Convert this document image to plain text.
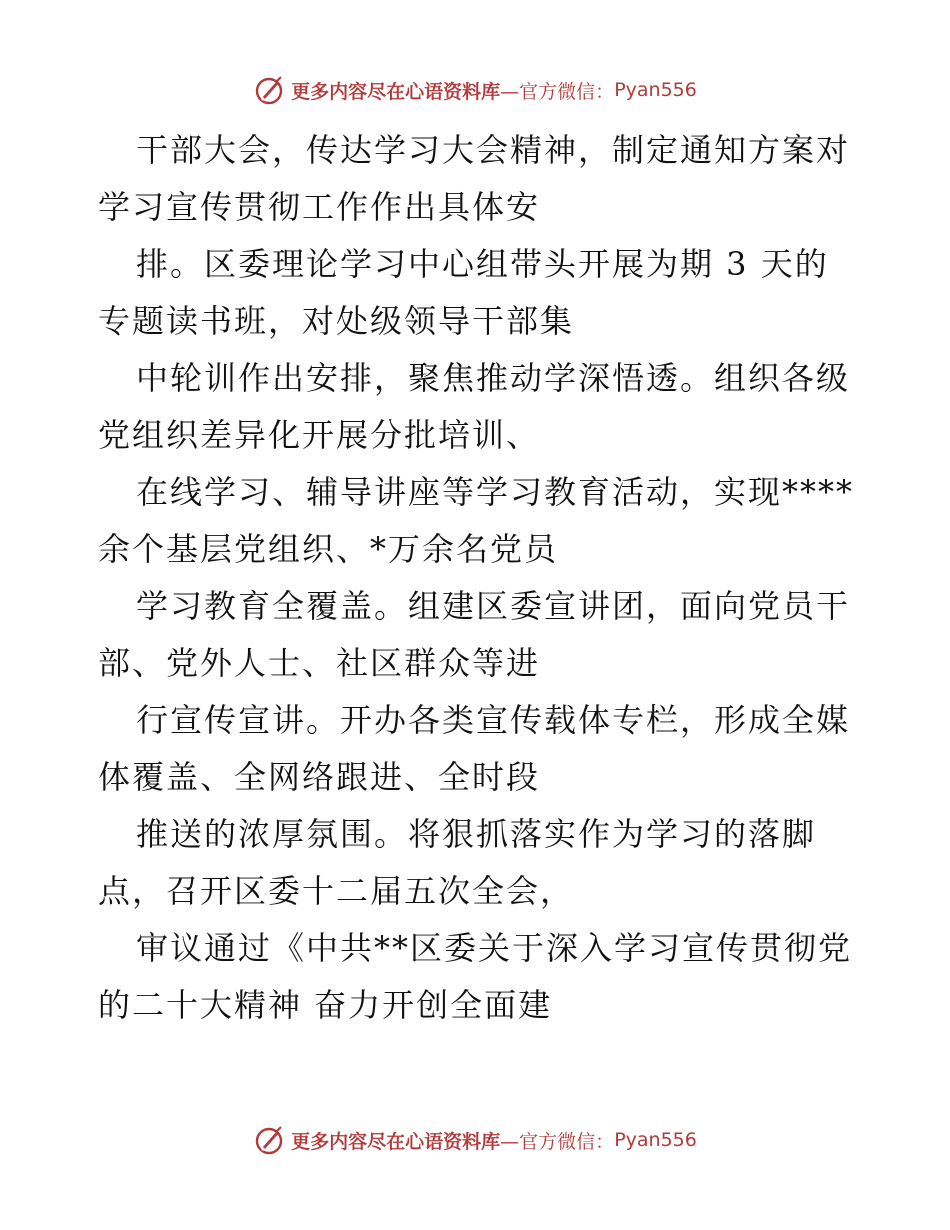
更多内容尽在心语资料库 —官方微信： Pyan556
干部大会，传达学习大会精神，制定通知方案对
学习宣传贯彻工作作出具体安
排。区委理论学习中心组带头开展为期 3 天的
专题读书班，对处级领导干部集
中轮训作出安排，聚焦推动学深悟透。组织各级
党组织差异化开展分批培训、
在线学习、辅导讲座等学习教育活动，实现****
余个基层党组织、*万余名党员
学习教育全覆盖。组建区委宣讲团，面向党员干
部、党外人士、社区群众等进
行宣传宣讲。开办各类宣传载体专栏，形成全媒
体覆盖、全网络跟进、全时段
推送的浓厚氛围。将狠抓落实作为学习的落脚
点，召开区委十二届五次全会，
审议通过《中共**区委关于深入学习宣传贯彻党
的二十大精神 奋力开创全面建
更多内容尽在心语资料库 —官方微信： Pyan556
